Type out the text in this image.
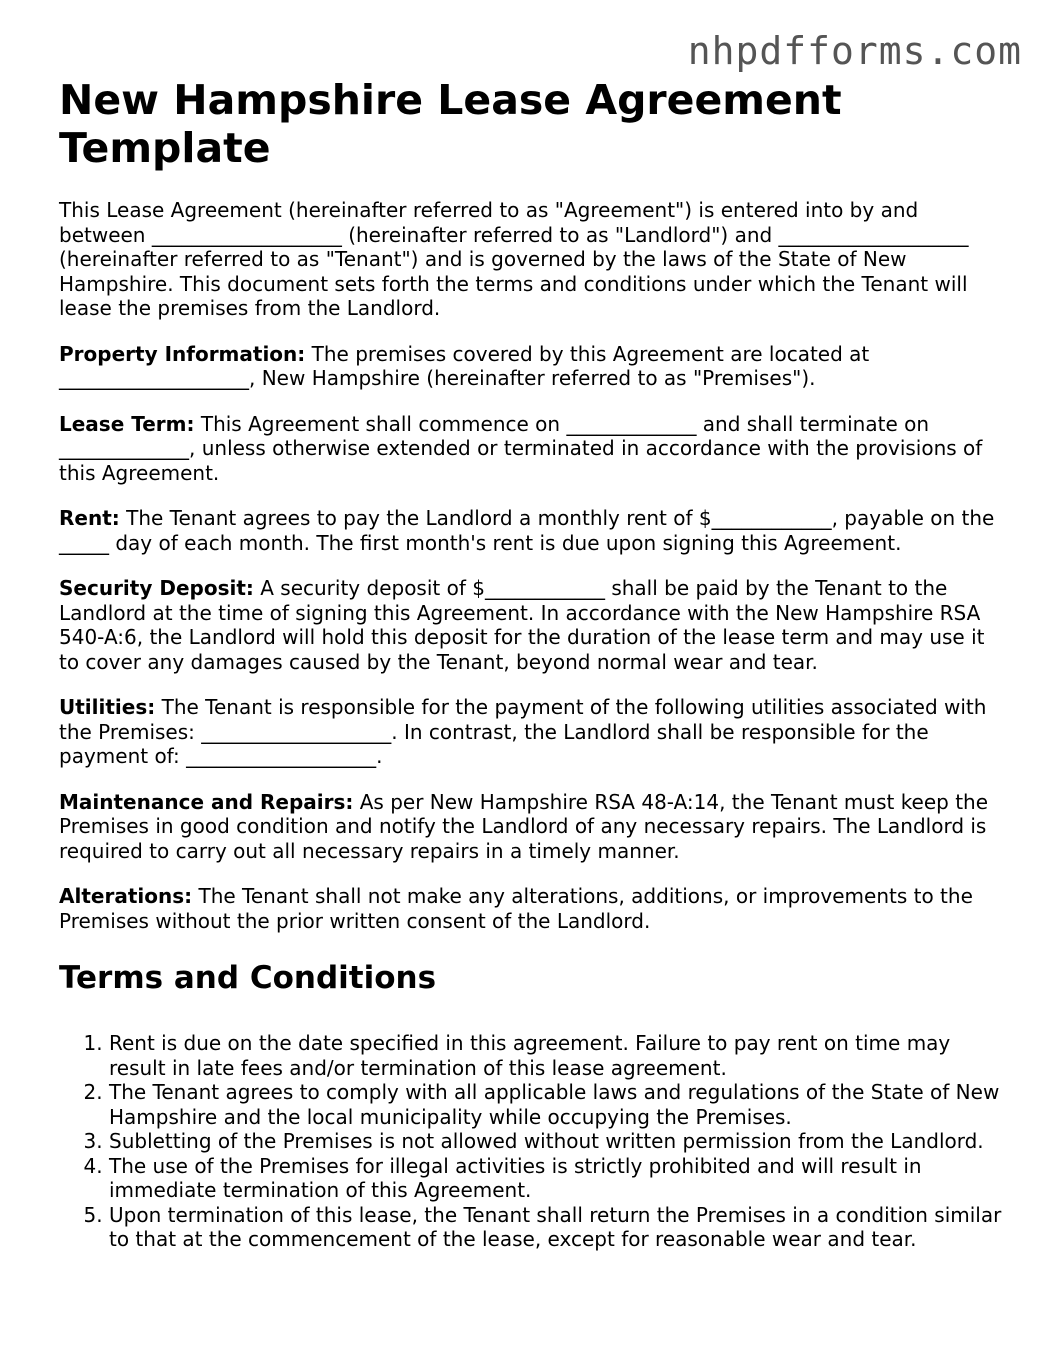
nhpdfforms.com
New Hampshire Lease Agreement Template

This Lease Agreement (hereinafter referred to as "Agreement") is entered into by and between ___________________ (hereinafter referred to as "Landlord") and ___________________ (hereinafter referred to as "Tenant") and is governed by the laws of the State of New Hampshire. This document sets forth the terms and conditions under which the Tenant will lease the premises from the Landlord.

Property Information: The premises covered by this Agreement are located at ___________________, New Hampshire (hereinafter referred to as "Premises").

Lease Term: This Agreement shall commence on _____________ and shall terminate on _____________, unless otherwise extended or terminated in accordance with the provisions of this Agreement.

Rent: The Tenant agrees to pay the Landlord a monthly rent of $____________, payable on the _____ day of each month. The first month's rent is due upon signing this Agreement.

Security Deposit: A security deposit of $____________ shall be paid by the Tenant to the Landlord at the time of signing this Agreement. In accordance with the New Hampshire RSA 540-A:6, the Landlord will hold this deposit for the duration of the lease term and may use it to cover any damages caused by the Tenant, beyond normal wear and tear.

Utilities: The Tenant is responsible for the payment of the following utilities associated with the Premises: ___________________. In contrast, the Landlord shall be responsible for the payment of: ___________________.

Maintenance and Repairs: As per New Hampshire RSA 48-A:14, the Tenant must keep the Premises in good condition and notify the Landlord of any necessary repairs. The Landlord is required to carry out all necessary repairs in a timely manner.

Alterations: The Tenant shall not make any alterations, additions, or improvements to the Premises without the prior written consent of the Landlord.

Terms and Conditions
1. Rent is due on the date specified in this agreement. Failure to pay rent on time may result in late fees and/or termination of this lease agreement.
2. The Tenant agrees to comply with all applicable laws and regulations of the State of New Hampshire and the local municipality while occupying the Premises.
3. Subletting of the Premises is not allowed without written permission from the Landlord.
4. The use of the Premises for illegal activities is strictly prohibited and will result in immediate termination of this Agreement.
5. Upon termination of this lease, the Tenant shall return the Premises in a condition similar to that at the commencement of the lease, except for reasonable wear and tear.
